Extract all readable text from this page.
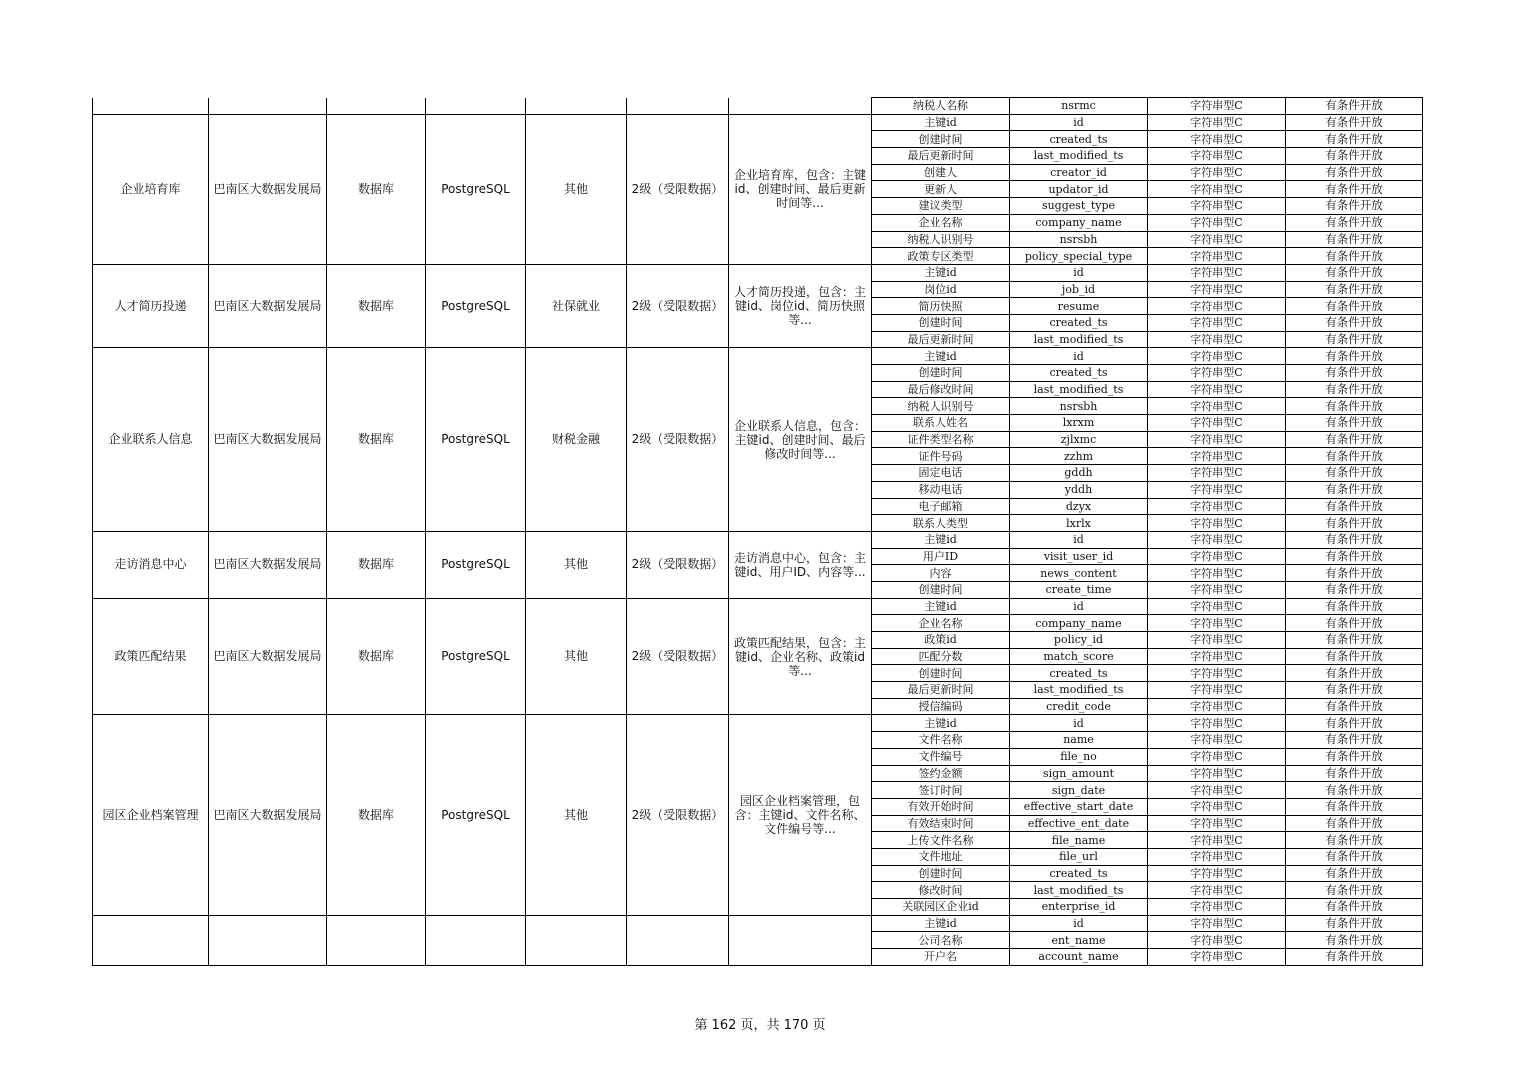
							纳税人名称	nsrmc	字符串型C	有条件开放
企业培育库	巴南区大数据发展局	数据库	PostgreSQL	其他	2级（受限数据）	企业培育库，包含：主键id、创建时间、最后更新时间等...	主键id	id	字符串型C	有条件开放
							创建时间	created_ts	字符串型C	有条件开放
							最后更新时间	last_modified_ts	字符串型C	有条件开放
							创建人	creator_id	字符串型C	有条件开放
							更新人	updator_id	字符串型C	有条件开放
							建议类型	suggest_type	字符串型C	有条件开放
							企业名称	company_name	字符串型C	有条件开放
							纳税人识别号	nsrsbh	字符串型C	有条件开放
							政策专区类型	policy_special_type	字符串型C	有条件开放
人才简历投递	巴南区大数据发展局	数据库	PostgreSQL	社保就业	2级（受限数据）	人才简历投递，包含：主键id、岗位id、简历快照等...	主键id	id	字符串型C	有条件开放
							岗位id	job_id	字符串型C	有条件开放
							简历快照	resume	字符串型C	有条件开放
							创建时间	created_ts	字符串型C	有条件开放
							最后更新时间	last_modified_ts	字符串型C	有条件开放
企业联系人信息	巴南区大数据发展局	数据库	PostgreSQL	财税金融	2级（受限数据）	企业联系人信息，包含：主键id、创建时间、最后修改时间等...	主键id	id	字符串型C	有条件开放
							创建时间	created_ts	字符串型C	有条件开放
							最后修改时间	last_modified_ts	字符串型C	有条件开放
							纳税人识别号	nsrsbh	字符串型C	有条件开放
							联系人姓名	lxrxm	字符串型C	有条件开放
							证件类型名称	zjlxmc	字符串型C	有条件开放
							证件号码	zzhm	字符串型C	有条件开放
							固定电话	gddh	字符串型C	有条件开放
							移动电话	yddh	字符串型C	有条件开放
							电子邮箱	dzyx	字符串型C	有条件开放
							联系人类型	lxrlx	字符串型C	有条件开放
走访消息中心	巴南区大数据发展局	数据库	PostgreSQL	其他	2级（受限数据）	走访消息中心，包含：主键id、用户ID、内容等...	主键id	id	字符串型C	有条件开放
							用户ID	visit_user_id	字符串型C	有条件开放
							内容	news_content	字符串型C	有条件开放
							创建时间	create_time	字符串型C	有条件开放
政策匹配结果	巴南区大数据发展局	数据库	PostgreSQL	其他	2级（受限数据）	政策匹配结果，包含：主键id、企业名称、政策id等...	主键id	id	字符串型C	有条件开放
							企业名称	company_name	字符串型C	有条件开放
							政策id	policy_id	字符串型C	有条件开放
							匹配分数	match_score	字符串型C	有条件开放
							创建时间	created_ts	字符串型C	有条件开放
							最后更新时间	last_modified_ts	字符串型C	有条件开放
							授信编码	credit_code	字符串型C	有条件开放
园区企业档案管理	巴南区大数据发展局	数据库	PostgreSQL	其他	2级（受限数据）	园区企业档案管理，包含：主键id、文件名称、文件编号等...	主键id	id	字符串型C	有条件开放
							文件名称	name	字符串型C	有条件开放
							文件编号	file_no	字符串型C	有条件开放
							签约金额	sign_amount	字符串型C	有条件开放
							签订时间	sign_date	字符串型C	有条件开放
							有效开始时间	effective_start_date	字符串型C	有条件开放
							有效结束时间	effective_ent_date	字符串型C	有条件开放
							上传文件名称	file_name	字符串型C	有条件开放
							文件地址	file_url	字符串型C	有条件开放
							创建时间	created_ts	字符串型C	有条件开放
							修改时间	last_modified_ts	字符串型C	有条件开放
							关联园区企业id	enterprise_id	字符串型C	有条件开放
							主键id	id	字符串型C	有条件开放
							公司名称	ent_name	字符串型C	有条件开放
							开户名	account_name	字符串型C	有条件开放
第 162 页，共 170 页
